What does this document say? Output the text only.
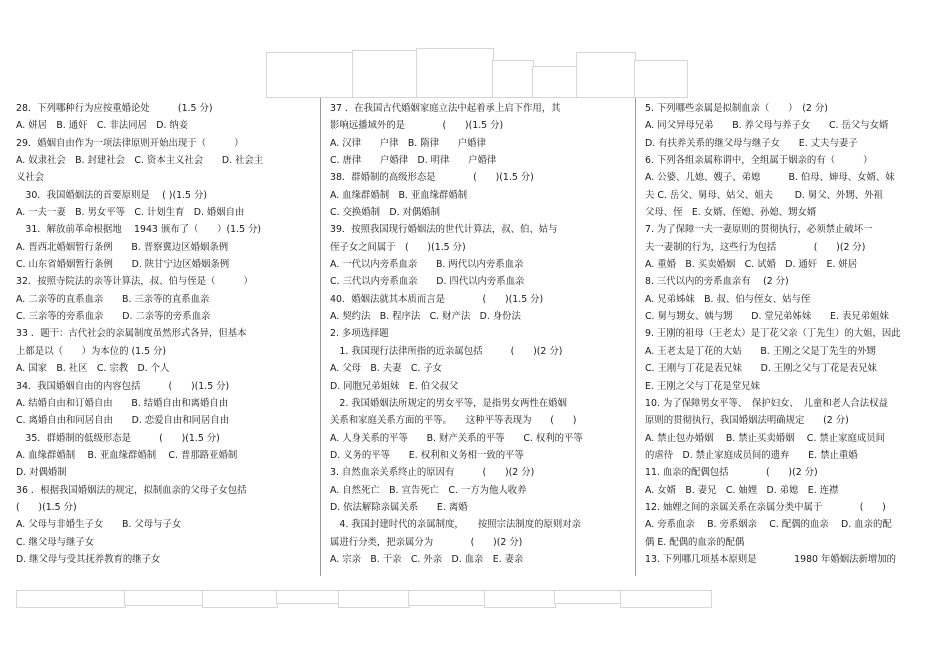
28．下列哪种行为应按重婚论处　　　(1.5 分)
A. 姘居　B. 通奸　C. 非法同居　D. 纳妾
29．婚姻自由作为一项法律原则开始出现于（　　　）
A. 奴隶社会　B. 封建社会　C. 资本主义社会　　D. 社会主
义社会
　30．我国婚姻法的首要原则是　 ( )(1.5 分)
A. 一夫一妻　B. 男女平等　C. 计划生育　D. 婚姻自由
　31．解放前革命根据地　 1943 颁布了（　　）(1.5 分)
A. 晋西北婚姻暂行条例　　B. 晋察冀边区婚姻条例
C. 山东省婚姻暂行条例　　D. 陕甘宁边区婚姻条例
32．按照寺院法的亲等计算法，叔、伯与侄是（　　　）
A. 二亲等的直系血亲　　B. 三亲等的直系血亲
C. 三亲等的旁系血亲　　D. 二亲等的旁系血亲
33 ．题干：古代社会的亲属制度虽然形式各异，但基本
上都是以（　　）为本位的 (1.5 分)
A. 国家　B. 社区　C. 宗教　D. 个人
34．我国婚姻自由的内容包括　　　(　　)(1.5 分)
A. 结婚自由和订婚自由　　B. 结婚自由和离婚自由
C. 离婚自由和同居自由　　D. 恋爱自由和同居自由
　35．群婚制的低级形态是　　　(　　)(1.5 分)
A. 血缘群婚制　 B. 亚血缘群婚制　 C. 普那路亚婚制
D. 对偶婚制
36 ．根据我国婚姻法的规定，拟制血亲的父母子女包括
(　　)(1.5 分)
A. 父母与非婚生子女　　B. 父母与子女
C. 继父母与继子女
D. 继父母与受其抚养教育的继子女
37 ．在我国古代婚姻家庭立法中起着承上启下作用，其
影响远播域外的是　　　　(　　)(1.5 分)
A. 汉律　　户律　B. 隋律　　户婚律
C. 唐律　　户婚律　D. 明律　　户婚律
38．群婚制的高级形态是　　　　(　　)(1.5 分)
A. 血缘群婚制　B. 亚血缘群婚制
C. 交换婚制　D. 对偶婚制
39．按照我国现行婚姻法的世代计算法，叔、伯、姑与
侄子女之间属于　(　　)(1.5 分)
A. 一代以内旁系血亲　　B. 两代以内旁系血亲
C. 三代以内旁系血亲　　D. 四代以内旁系血亲
40．婚姻法就其本质而言是　　　　(　　)(1.5 分)
A. 契约法　B. 程序法　C. 财产法　D. 身份法
2. 多项选择题
　1. 我国现行法律所指的近亲属包括　　　(　　)(2 分)
A. 父母　B. 夫妻　C. 子女
D. 同胞兄弟姐妹　E. 伯父叔父
　2. 我国婚姻法所规定的男女平等，是指男女两性在婚姻
关系和家庭关系方面的平等。　　这种平等表现为　　(　　)
A. 人身关系的平等　　B. 财产关系的平等　　C. 权利的平等
D. 义务的平等　　E. 权利和义务相一致的平等
3. 自然血亲关系终止的原因有　　　(　　)(2 分)
A. 自然死亡　B. 宣告死亡　C. 一方为他人收养
D. 依法解除亲属关系　　E. 离婚
　4. 我国封建时代的亲属制度，　　按照宗法制度的原则对亲
属进行分类，把亲属分为　　　　(　　)(2 分)
A. 宗亲　B. 干亲　C. 外亲　D. 血亲　E. 妻亲
5. 下列哪些亲属是拟制血亲（　　）　(2 分)
A. 同父异母兄弟　　B. 养父母与养子女　　C. 岳父与女婿
D. 有扶养关系的继父母与继子女　　E. 丈夫与妻子
6. 下列各组亲属称谓中，全组属于姻亲的有（　　　）
A. 公婆、儿媳、嫂子、弟媳　　　B. 伯母、婶母、女婿、妹
夫 C. 岳父、舅母、姑父、姐夫　　 D. 舅父、外甥、外祖
父母、侄　E. 女婿、侄媳、孙媳、甥女婿
7. 为了保障一夫一妻原则的贯彻执行，必须禁止破坏一
夫一妻制的行为，这些行为包括　　　　(　　)(2 分)
A. 重婚　B. 买卖婚姻　C. 试婚　D. 通奸　E. 姘居
8. 三代以内的旁系血亲有　 (2 分)
A. 兄弟姊妹　B. 叔、伯与侄女、姑与侄
C. 舅与甥女、姨与甥　　D. 堂兄弟姊妹　　E. 表兄弟姐妹
9. 王刚的祖母（王老太）是丁花父亲（丁先生）的大姐，因此
A. 王老太是丁花的大姑　　B. 王刚之父是丁先生的外甥
C. 王刚与丁花是表兄妹　　D. 王刚之父与丁花是表兄妹
E. 王刚之父与丁花是堂兄妹
10. 为了保障男女平等、　保护妇女、　儿童和老人合法权益
原则的贯彻执行，我国婚姻法明确规定　　(2 分)
A. 禁止包办婚姻　 B. 禁止买卖婚姻　 C. 禁止家庭成员间
的虐待　D. 禁止家庭成员间的遗弃　　E. 禁止重婚
11. 血亲的配偶包括　　　　(　　)(2 分)
A. 女婿　B. 妻兄　C. 妯娌　D. 弟媳　E. 连襟
12. 妯娌之间的亲属关系在亲属分类中属于　　　　(　　)
A. 旁系血亲　 B. 旁系姻亲　 C. 配偶的血亲　 D. 血亲的配
偶 E. 配偶的血亲的配偶
13. 下列哪几项基本原则是　　　　1980 年婚姻法新增加的
